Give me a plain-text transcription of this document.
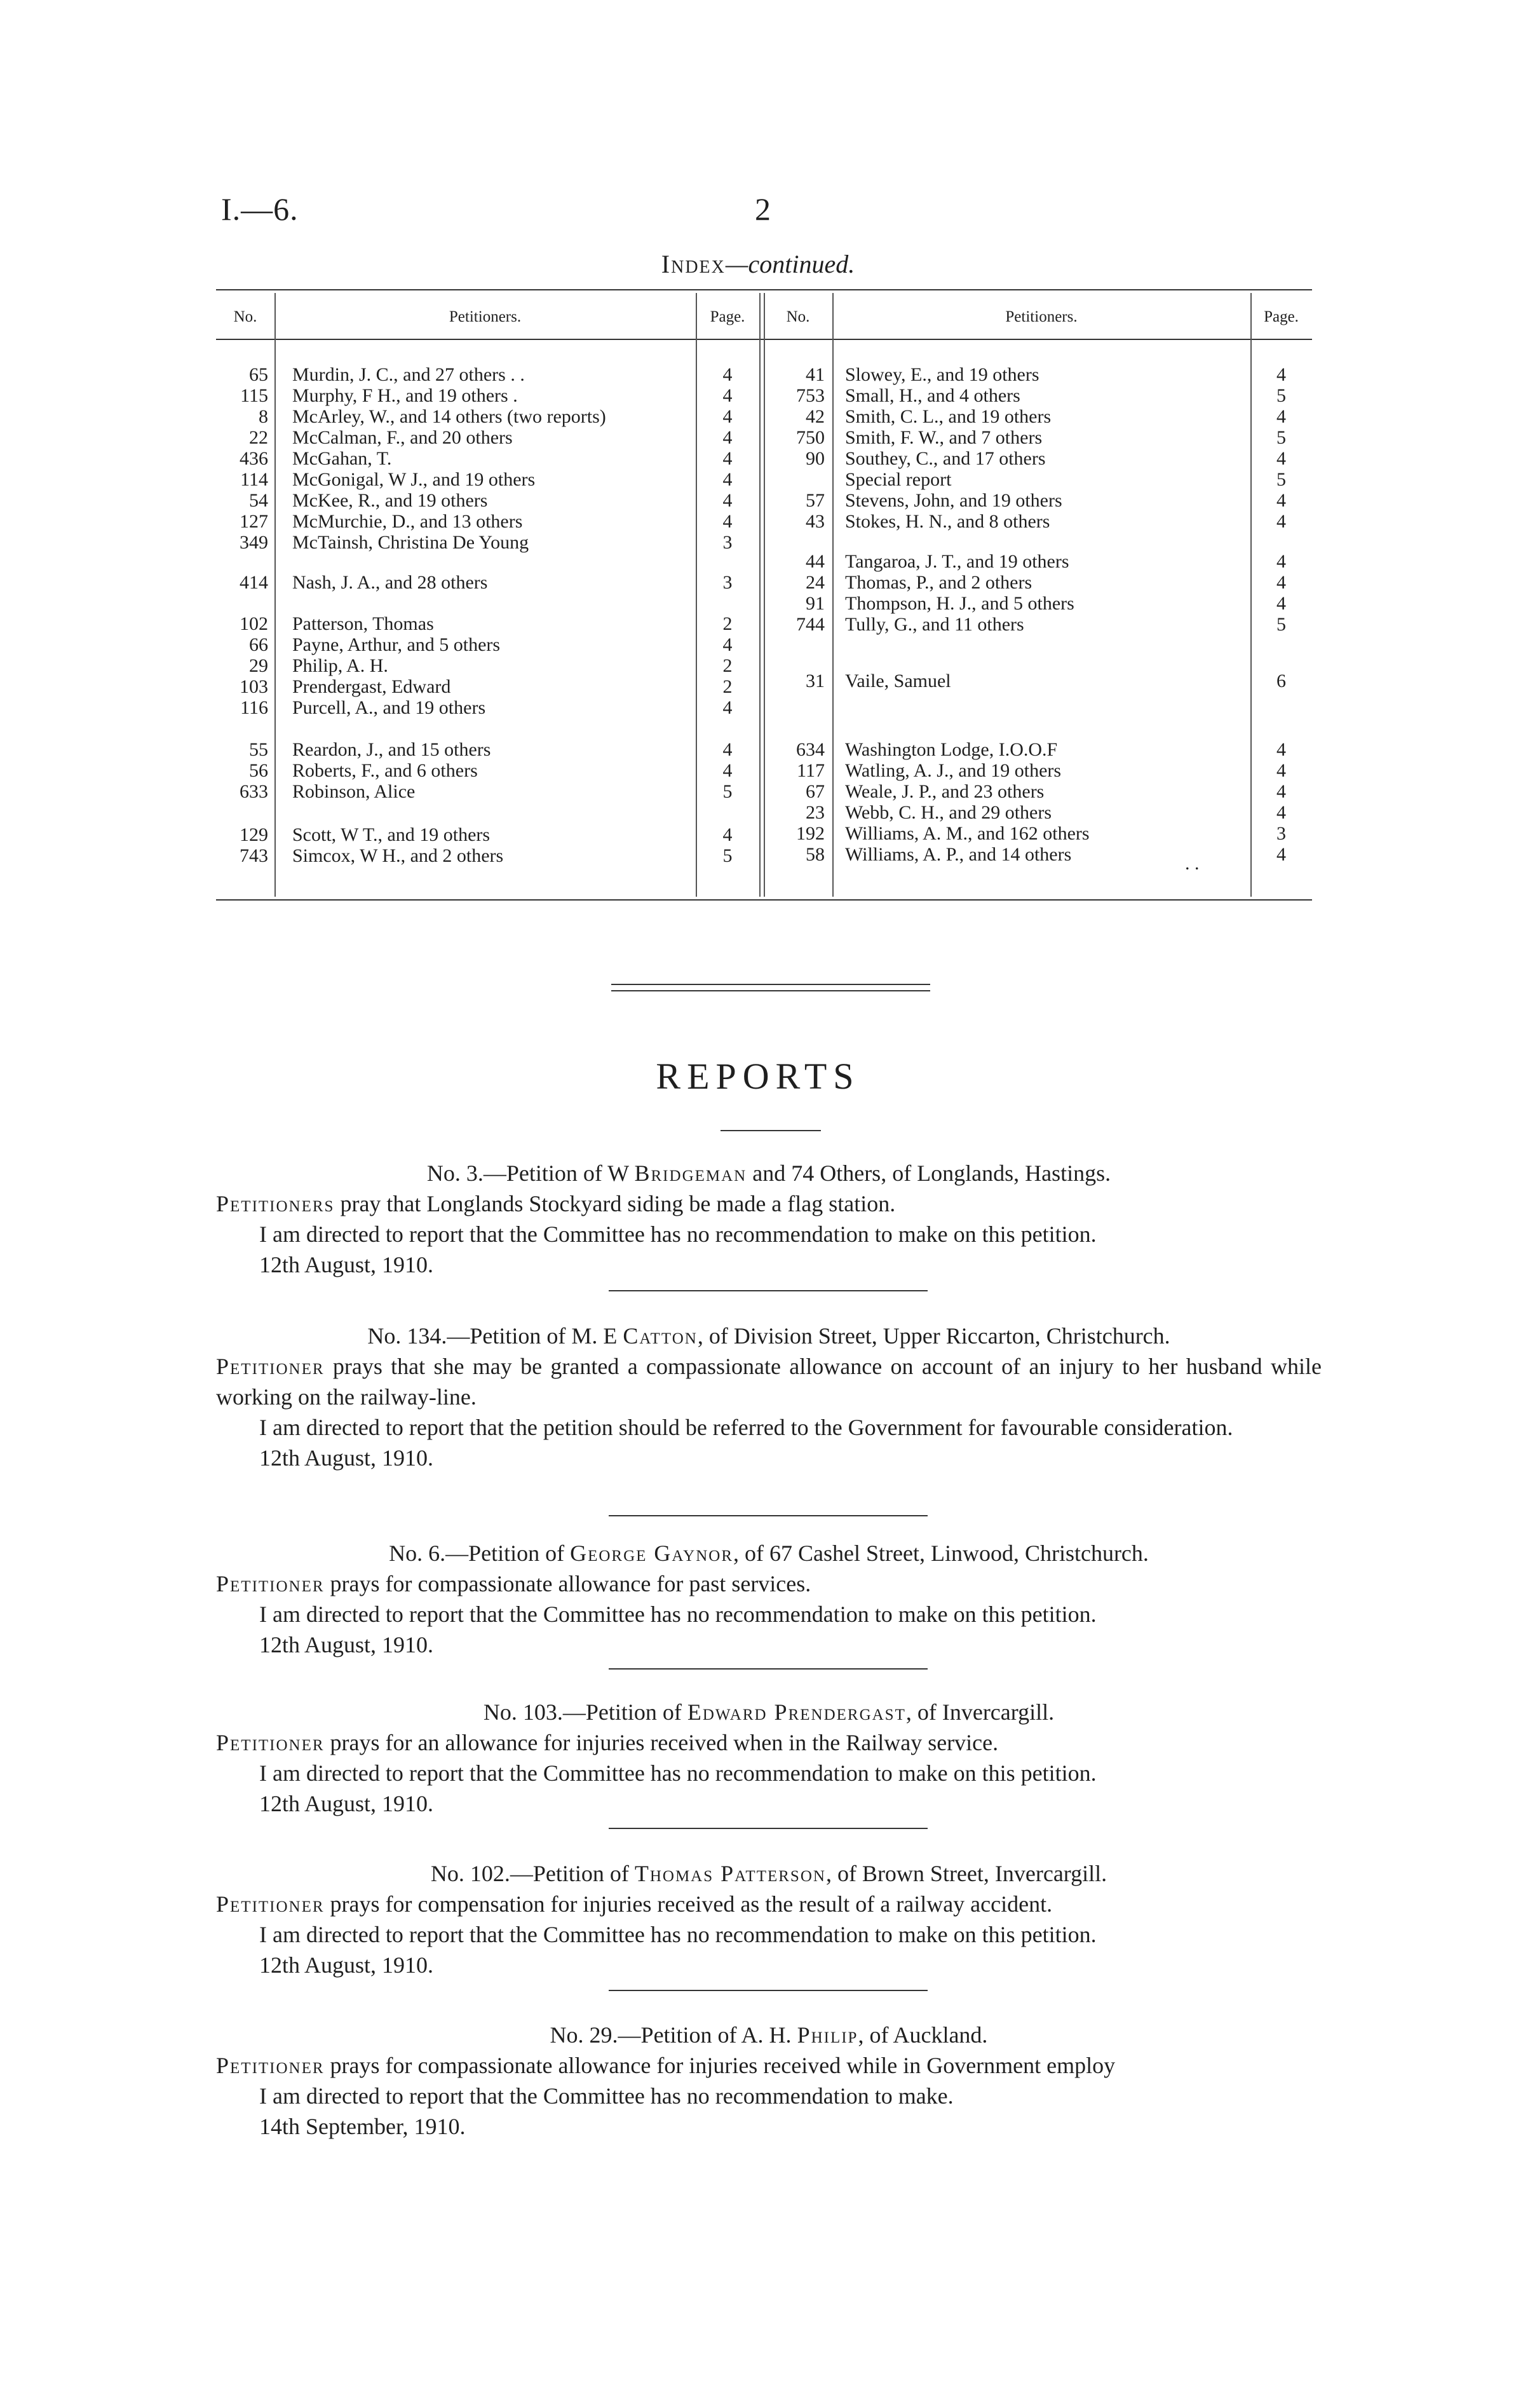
I.—6.	2
Index—continued.
No.	Petitioners.	Page.	No.	Petitioners.	Page.
65 Murdin, J. C., and 27 others . .	4
115 Murphy, F H., and 19 others .	4
8 McArley, W., and 14 others (two reports)	4
22 McCalman, F., and 20 others	4
436 McGahan, T.	4
114 McGonigal, W J., and 19 others	4
54 McKee, R., and 19 others	4
127 McMurchie, D., and 13 others	4
349 McTainsh, Christina De Young	3
414 Nash, J. A., and 28 others	3
102 Patterson, Thomas	2
66 Payne, Arthur, and 5 others	4
29 Philip, A. H.	2
103 Prendergast, Edward	2
116 Purcell, A., and 19 others	4
55 Reardon, J., and 15 others	4
56 Roberts, F., and 6 others	4
633 Robinson, Alice	5
129 Scott, W T., and 19 others	4
743 Simcox, W H., and 2 others	5
41 Slowey, E., and 19 others	4
753 Small, H., and 4 others	5
42 Smith, C. L., and 19 others	4
750 Smith, F. W., and 7 others	5
90 Southey, C., and 17 others	4
Special report	5
57 Stevens, John, and 19 others	4
43 Stokes, H. N., and 8 others	4
44 Tangaroa, J. T., and 19 others	4
24 Thomas, P., and 2 others	4
91 Thompson, H. J., and 5 others	4
744 Tully, G., and 11 others	5
31 Vaile, Samuel	6
634 Washington Lodge, I.O.O.F	4
117 Watling, A. J., and 19 others	4
67 Weale, J. P., and 23 others	4
23 Webb, C. H., and 29 others	4
192 Williams, A. M., and 162 others	3
58 Williams, A. P., and 14 others	4
. .
REPORTS

No. 3.—Petition of W Bridgeman and 74 Others, of Longlands, Hastings.

Petitioners pray that Longlands Stockyard siding be made a flag station.

I am directed to report that the Committee has no recommendation to make on this petition.

12th August, 1910.

No. 134.—Petition of M. E Catton, of Division Street, Upper Riccarton, Christchurch.

Petitioner prays that she may be granted a compassionate allowance on account of an injury to her husband while working on the railway-line.

I am directed to report that the petition should be referred to the Government for favourable consideration.

12th August, 1910.

No. 6.—Petition of George Gaynor, of 67 Cashel Street, Linwood, Christchurch.

Petitioner prays for compassionate allowance for past services.

I am directed to report that the Committee has no recommendation to make on this petition.

12th August, 1910.

No. 103.—Petition of Edward Prendergast, of Invercargill.

Petitioner prays for an allowance for injuries received when in the Railway service.

I am directed to report that the Committee has no recommendation to make on this petition.

12th August, 1910.

No. 102.—Petition of Thomas Patterson, of Brown Street, Invercargill.

Petitioner prays for compensation for injuries received as the result of a railway accident.

I am directed to report that the Committee has no recommendation to make on this petition.

12th August, 1910.

No. 29.—Petition of A. H. Philip, of Auckland.

Petitioner prays for compassionate allowance for injuries received while in Government employ

I am directed to report that the Committee has no recommendation to make.

14th September, 1910.
